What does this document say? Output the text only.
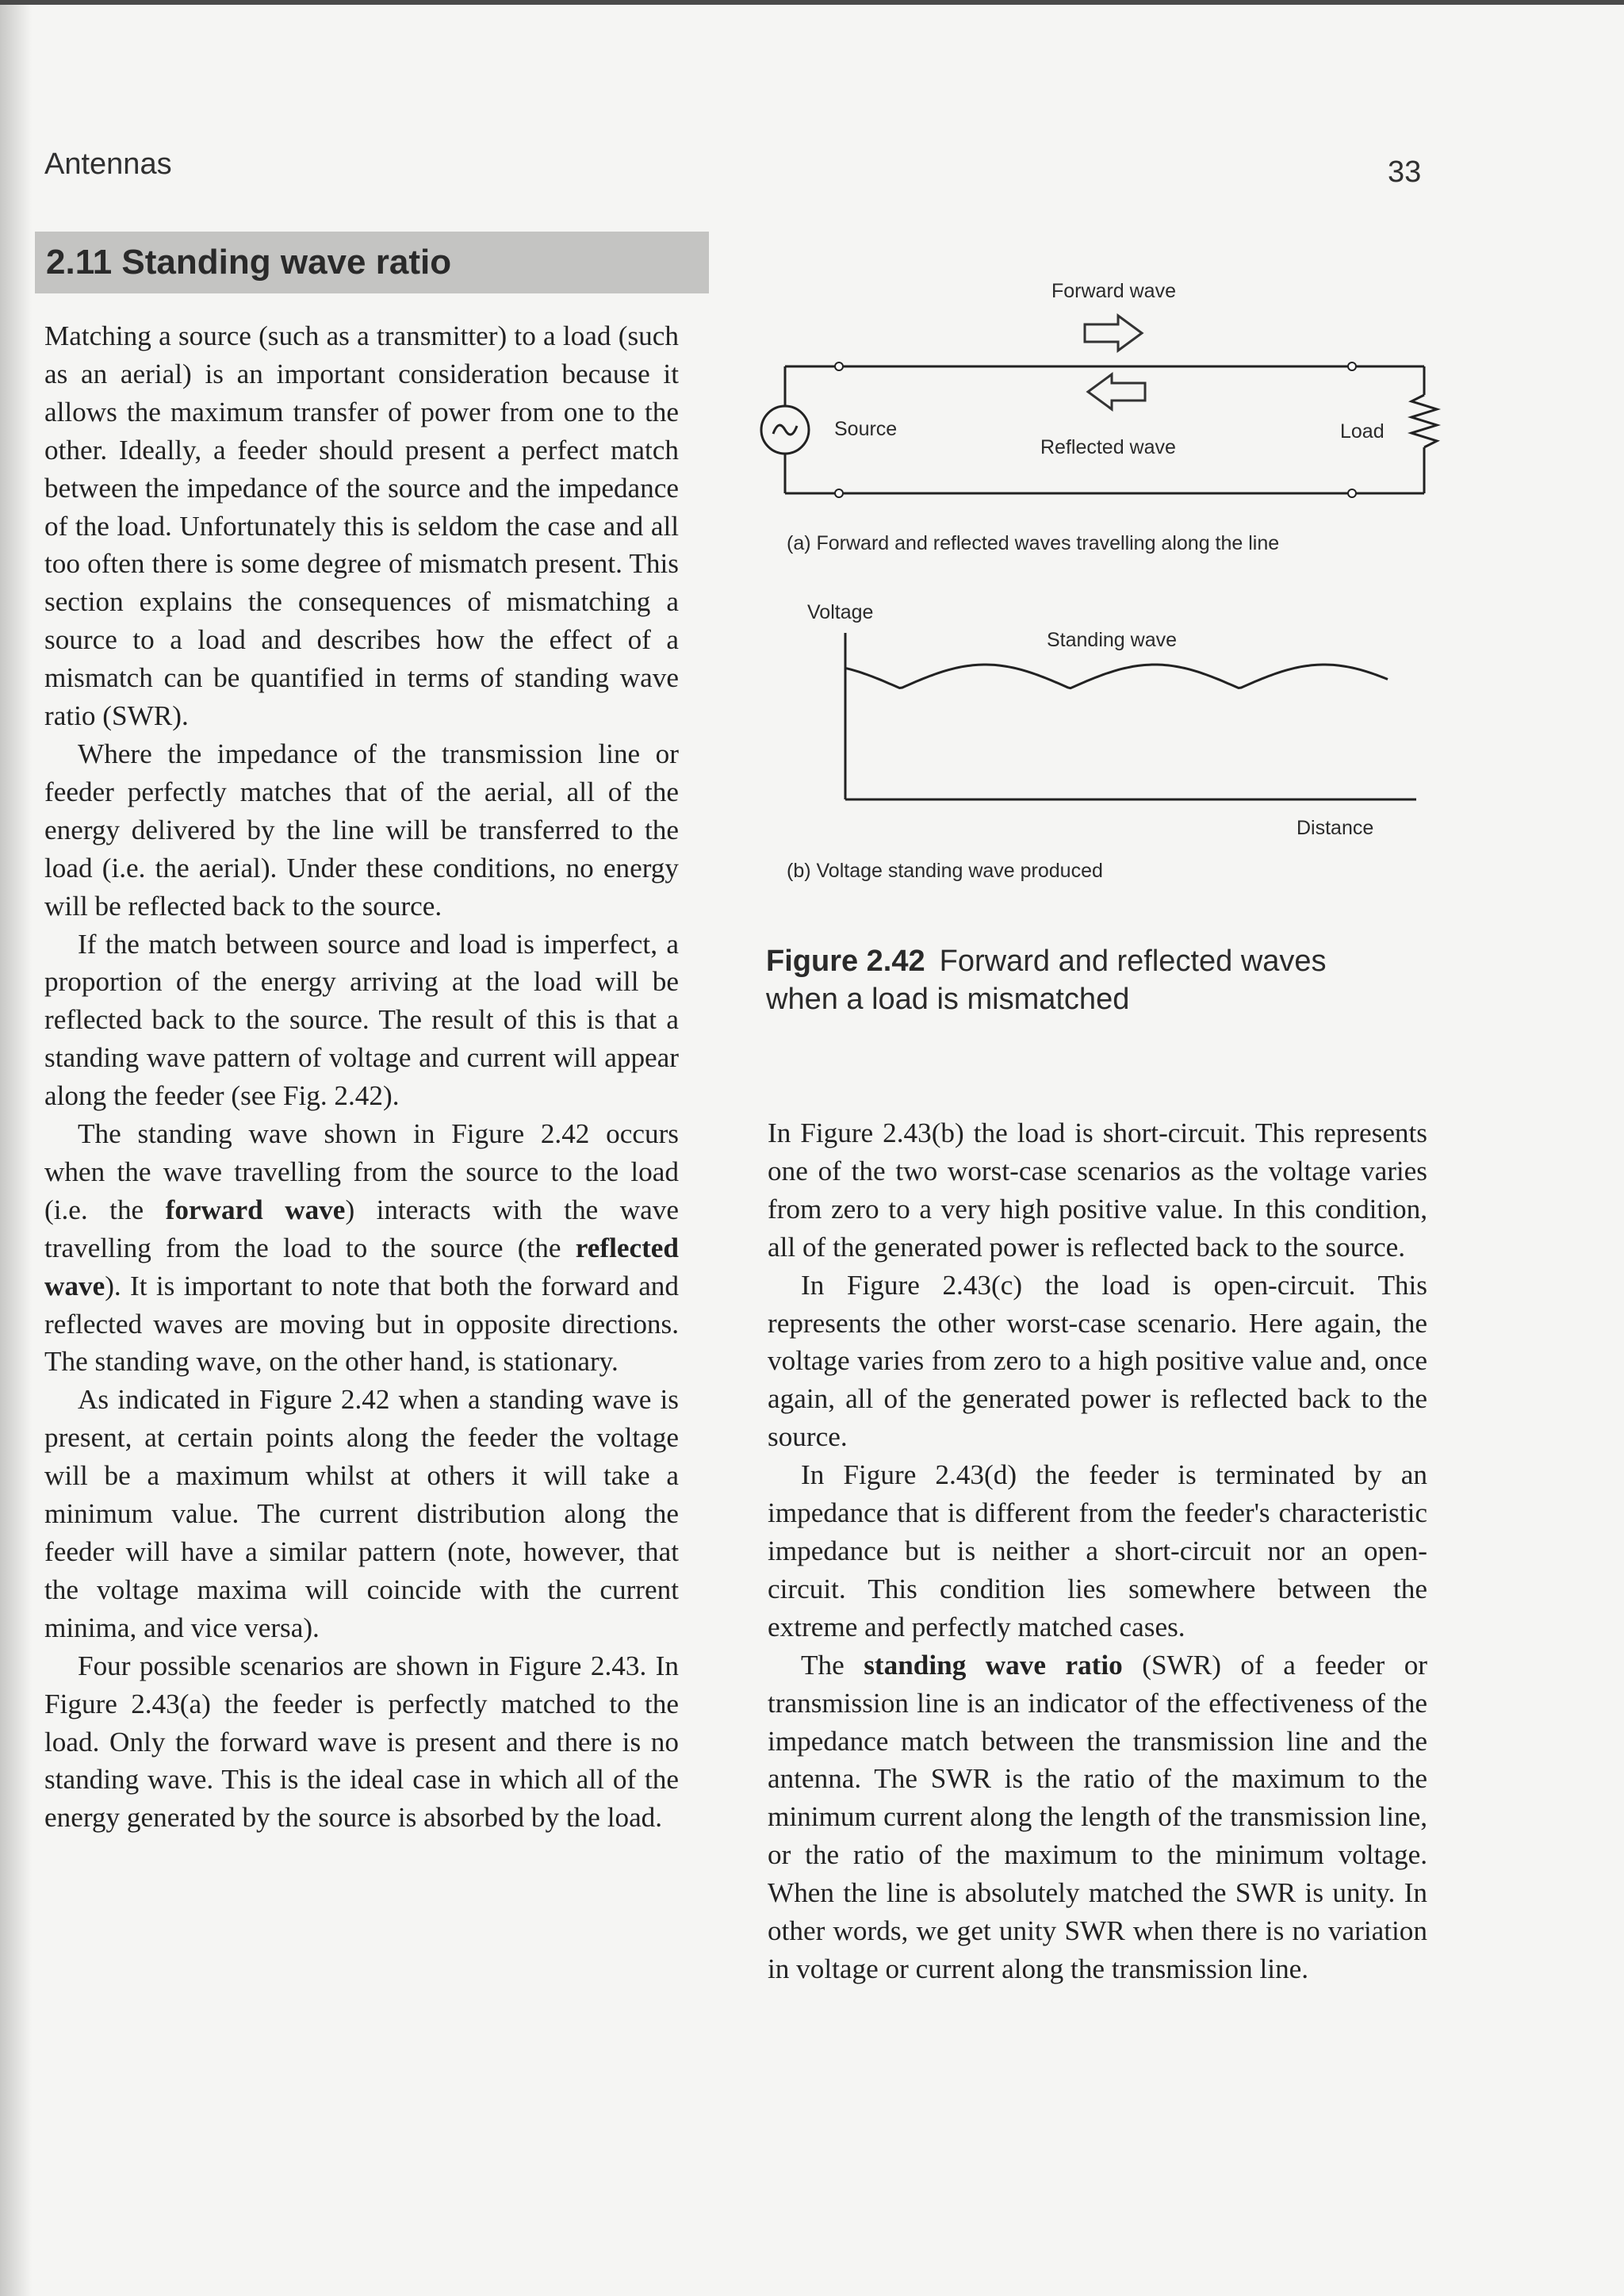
Antennas	33
2.11 Standing wave ratio

Matching a source (such as a transmitter) to a load (such as an aerial) is an important consideration because it allows the maximum transfer of power from one to the other. Ideally, a feeder should present a perfect match between the impedance of the source and the impedance of the load. Unfortunately this is seldom the case and all too often there is some degree of mismatch present. This section explains the consequences of mismatching a source to a load and describes how the effect of a mismatch can be quantified in terms of standing wave ratio (SWR).

Where the impedance of the transmission line or feeder perfectly matches that of the aerial, all of the energy delivered by the line will be transferred to the load (i.e. the aerial). Under these conditions, no energy will be reflected back to the source.

If the match between source and load is imperfect, a proportion of the energy arriving at the load will be reflected back to the source. The result of this is that a standing wave pattern of voltage and current will appear along the feeder (see Fig. 2.42).

The standing wave shown in Figure 2.42 occurs when the wave travelling from the source to the load (i.e. the forward wave) interacts with the wave travelling from the load to the source (the reflected wave). It is important to note that both the forward and reflected waves are moving but in opposite directions. The standing wave, on the other hand, is stationary.

As indicated in Figure 2.42 when a standing wave is present, at certain points along the feeder the voltage will be a maximum whilst at others it will take a minimum value. The current distribution along the feeder will have a similar pattern (note, however, that the voltage maxima will coincide with the current minima, and vice versa).

Four possible scenarios are shown in Figure 2.43. In Figure 2.43(a) the feeder is perfectly matched to the load. Only the forward wave is present and there is no standing wave. This is the ideal case in which all of the energy generated by the source is absorbed by the load.

Forward wave
Source
Reflected wave
Load
(a) Forward and reflected waves travelling along the line
Voltage
Standing wave
Distance
(b) Voltage standing wave produced
Figure 2.42 Forward and reflected waves when a load is mismatched

In Figure 2.43(b) the load is short-circuit. This represents one of the two worst-case scenarios as the voltage varies from zero to a very high positive value. In this condition, all of the generated power is reflected back to the source.

In Figure 2.43(c) the load is open-circuit. This represents the other worst-case scenario. Here again, the voltage varies from zero to a high positive value and, once again, all of the generated power is reflected back to the source.

In Figure 2.43(d) the feeder is terminated by an impedance that is different from the feeder's characteristic impedance but is neither a short-circuit nor an open-circuit. This condition lies somewhere between the extreme and perfectly matched cases.

The standing wave ratio (SWR) of a feeder or transmission line is an indicator of the effectiveness of the impedance match between the transmission line and the antenna. The SWR is the ratio of the maximum to the minimum current along the length of the transmission line, or the ratio of the maximum to the minimum voltage. When the line is absolutely matched the SWR is unity. In other words, we get unity SWR when there is no variation in voltage or current along the transmission line.
